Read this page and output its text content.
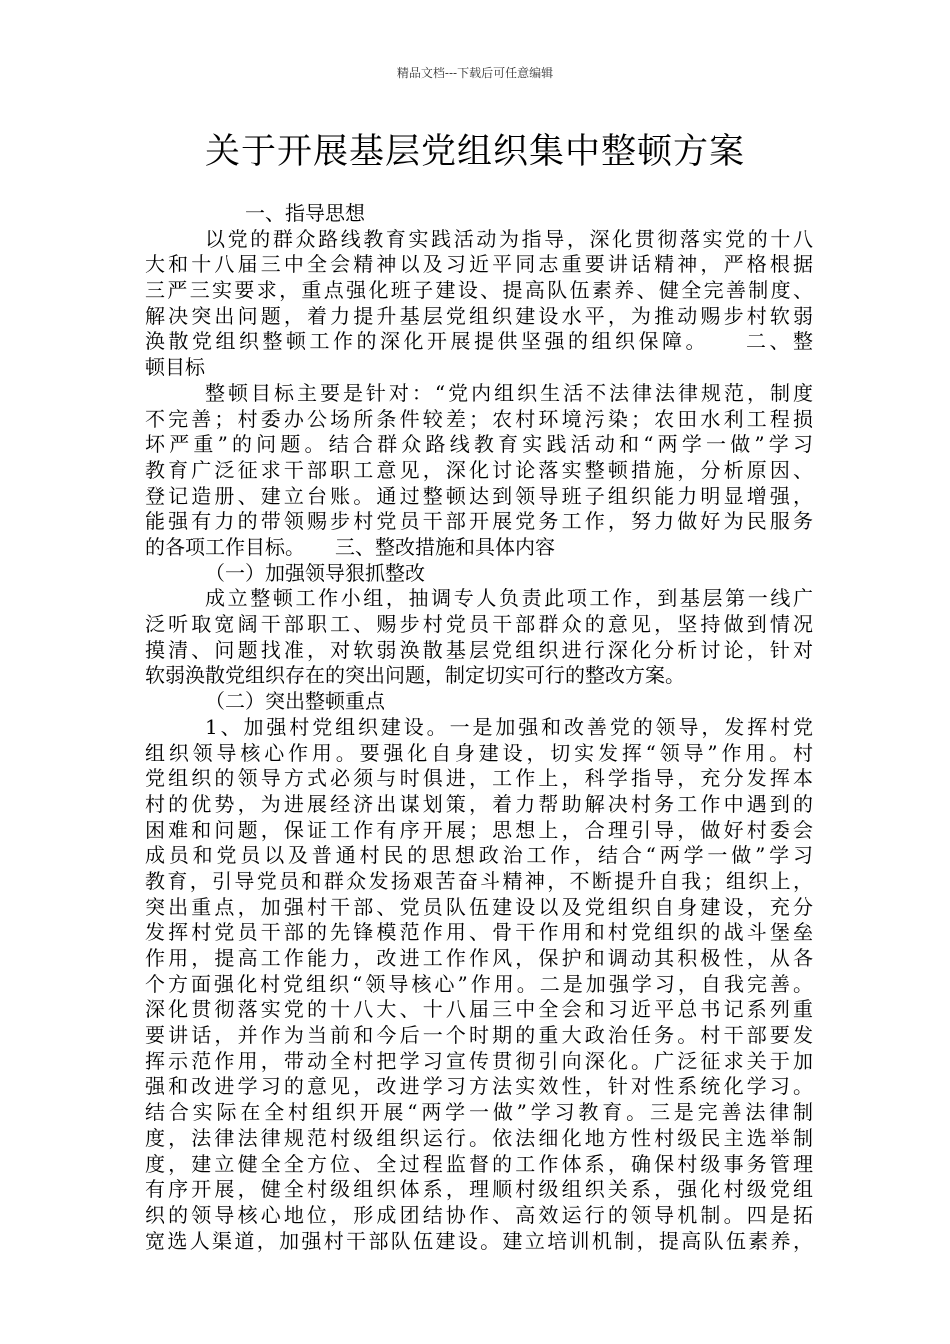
精品文档---下载后可任意编辑
关于开展基层党组织集中整顿方案
一、指导思想
以党的群众路线教育实践活动为指导，深化贯彻落实党的十八
大和十八届三中全会精神以及习近平同志重要讲话精神，严格根据
三严三实要求，重点强化班子建设、提高队伍素养、健全完善制度、
解决突出问题，着力提升基层党组织建设水平，为推动赐步村软弱
涣散党组织整顿工作的深化开展提供坚强的组织保障。　　二、整
顿目标
整顿目标主要是针对：“党内组织生活不法律法律规范，制度
不完善；村委办公场所条件较差；农村环境污染；农田水利工程损
坏严重”的问题。结合群众路线教育实践活动和“两学一做”学习
教育广泛征求干部职工意见，深化讨论落实整顿措施，分析原因、
登记造册、建立台账。通过整顿达到领导班子组织能力明显增强，
能强有力的带领赐步村党员干部开展党务工作，努力做好为民服务
的各项工作目标。　　三、整改措施和具体内容
（一）加强领导狠抓整改
成立整顿工作小组，抽调专人负责此项工作，到基层第一线广
泛听取宽阔干部职工、赐步村党员干部群众的意见，坚持做到情况
摸清、问题找准，对软弱涣散基层党组织进行深化分析讨论，针对
软弱涣散党组织存在的突出问题，制定切实可行的整改方案。
（二）突出整顿重点
1、加强村党组织建设。一是加强和改善党的领导，发挥村党
组织领导核心作用。要强化自身建设，切实发挥“领导”作用。村
党组织的领导方式必须与时俱进，工作上，科学指导，充分发挥本
村的优势，为进展经济出谋划策，着力帮助解决村务工作中遇到的
困难和问题，保证工作有序开展；思想上，合理引导，做好村委会
成员和党员以及普通村民的思想政治工作，结合“两学一做”学习
教育，引导党员和群众发扬艰苦奋斗精神，不断提升自我；组织上，
突出重点，加强村干部、党员队伍建设以及党组织自身建设，充分
发挥村党员干部的先锋模范作用、骨干作用和村党组织的战斗堡垒
作用，提高工作能力，改进工作作风，保护和调动其积极性，从各
个方面强化村党组织“领导核心”作用。二是加强学习，自我完善。
深化贯彻落实党的十八大、十八届三中全会和习近平总书记系列重
要讲话，并作为当前和今后一个时期的重大政治任务。村干部要发
挥示范作用，带动全村把学习宣传贯彻引向深化。广泛征求关于加
强和改进学习的意见，改进学习方法实效性，针对性系统化学习。
结合实际在全村组织开展“两学一做”学习教育。三是完善法律制
度，法律法律规范村级组织运行。依法细化地方性村级民主选举制
度，建立健全全方位、全过程监督的工作体系，确保村级事务管理
有序开展，健全村级组织体系，理顺村级组织关系，强化村级党组
织的领导核心地位，形成团结协作、高效运行的领导机制。四是拓
宽选人渠道，加强村干部队伍建设。建立培训机制，提高队伍素养，
